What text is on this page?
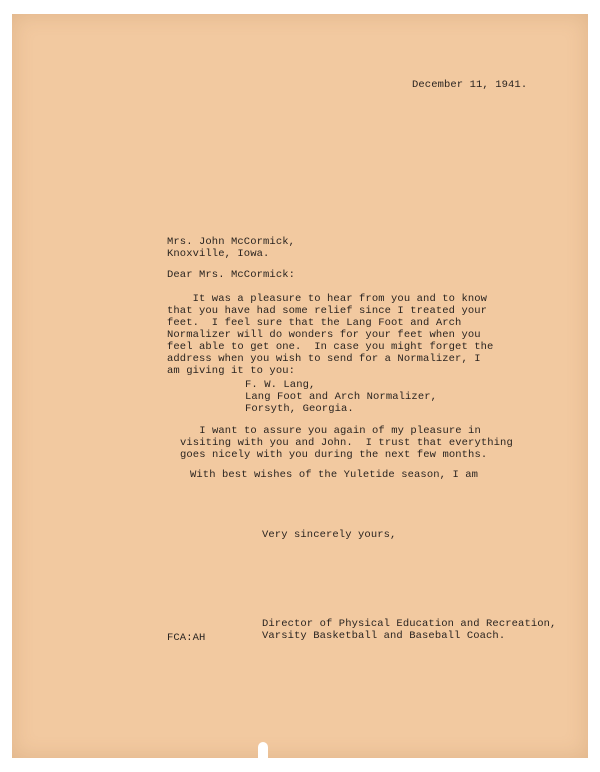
December 11, 1941.

Mrs. John McCormick,
Knoxville, Iowa.

Dear Mrs. McCormick:

It was a pleasure to hear from you and to know
that you have had some relief since I treated your
feet.  I feel sure that the Lang Foot and Arch
Normalizer will do wonders for your feet when you
feel able to get one.  In case you might forget the
address when you wish to send for a Normalizer, I
am giving it to you:
F. W. Lang,
Lang Foot and Arch Normalizer,
Forsyth, Georgia.
I want to assure you again of my pleasure in
visiting with you and John.  I trust that everything
goes nicely with you during the next few months.

With best wishes of the Yuletide season, I am

Very sincerely yours,

FCA:AH

Director of Physical Education and Recreation,
Varsity Basketball and Baseball Coach.
